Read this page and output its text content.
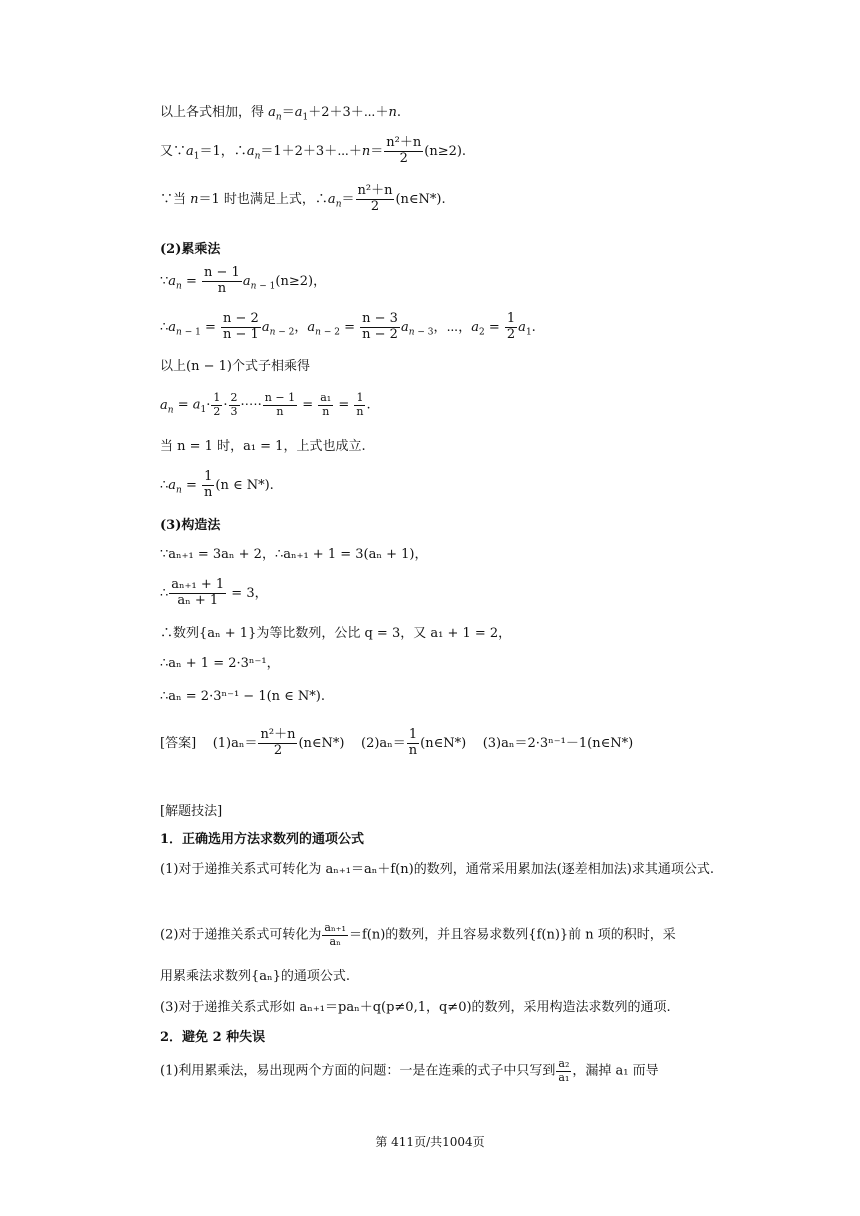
以上各式相加，得 $a_n=a_1+2+3+\cdots+n$.
又$\because a_1=1$，$\therefore a_n=1+2+3+\cdots+n= \frac{\text{n²＋n}}{2} (n\ge 2)$.
∵当 n＝1 时也满足上式，$\therefore a_n= \frac{\text{n²＋n}}{2}$ (n∈N*).
(2)累乘法
$\because a_n = \frac{n - 1}{n} a_{n - 1}(n\ge 2)$，
$\therefore a_{n - 1} = \frac{n - 2}{n - 1} a_{n - 2}$，$a_{n - 2} = \frac{n - 3}{n - 2} a_{n - 3}$，⋯，$a_2 = \frac{1}{2} a_1$.
以上(n − 1)个式子相乘得
$a_n = a_1\cdot \frac{1}{2} \cdot \frac{2}{3}$ ·⋯· $\frac{n - 1}{n} = \frac{\text{a₁}}{n} = \frac{1}{n}$ .
当 n = 1 时，a₁ = 1，上式也成立.
$\therefore a_n = \frac{1}{n} (n$ ∈ N*).
(3)构造法
∵aₙ₊₁ = 3aₙ + 2，∴aₙ₊₁ + 1 = 3(aₙ + 1)，
∴ $\frac{\text{aₙ₊₁ + 1}}{\text{aₙ + 1}} = 3$，
∴数列{aₙ + 1}为等比数列，公比 q = 3，又 a₁ + 1 = 2，
∴aₙ + 1 = 2·3ⁿ⁻¹，
∴aₙ = 2·3ⁿ⁻¹ − 1(n ∈ N*).
[答案] $(1)a_n= \frac{\text{n²＋n}}{2}$ (n∈N*) $(2)a_n= \frac{1}{n}$ (n∈N*) (3)aₙ＝2·3ⁿ⁻¹－1(n∈N*)
[解题技法]
1．正确选用方法求数列的通项公式
(1)对于递推关系式可转化为 aₙ₊₁＝aₙ＋f(n)的数列，通常采用累加法(逐差相加法)求其通项公式.
(2)对于递推关系式可转化为 $\frac{\text{aₙ₊₁}}{\text{aₙ}} =f(n)$的数列，并且容易求数列{f(n)}前 n 项的积时，采
用累乘法求数列{aₙ}的通项公式.
(3)对于递推关系式形如 aₙ₊₁＝paₙ＋q(p≠0,1，q≠0)的数列，采用构造法求数列的通项.
2．避免 2 种失误
(1)利用累乘法，易出现两个方面的问题：一是在连乘的式子中只写到 $\frac{\text{a₂}}{\text{a₁}}$ ，漏掉 a₁ 而导
第 411页/共1004页
